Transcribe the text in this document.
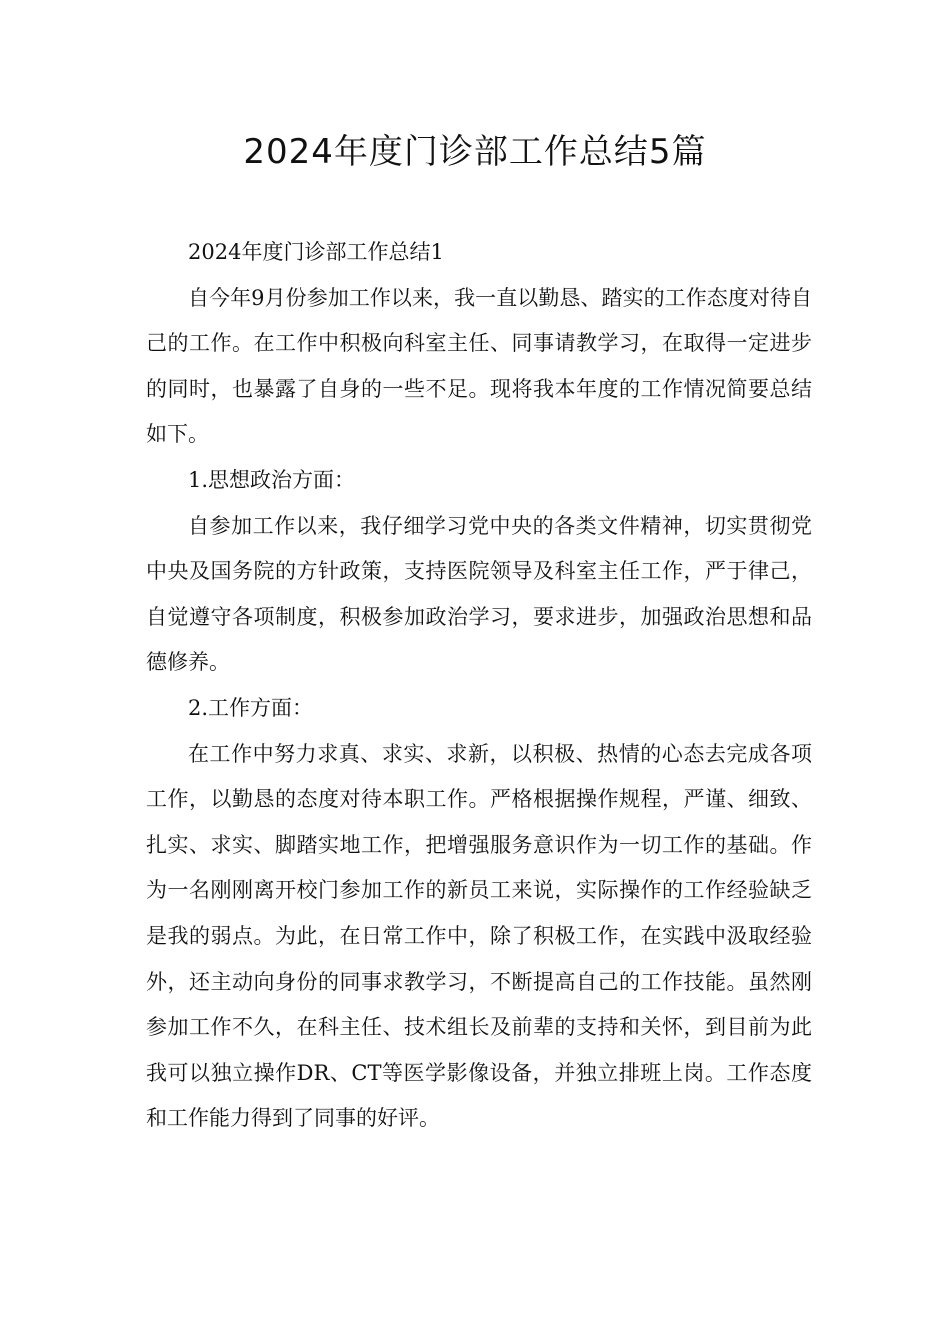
2024年度门诊部工作总结5篇

2024年度门诊部工作总结1

自今年9月份参加工作以来，我一直以勤恳、踏实的工作态度对待自己的工作。在工作中积极向科室主任、同事请教学习，在取得一定进步的同时，也暴露了自身的一些不足。现将我本年度的工作情况简要总结如下。

1.思想政治方面：

自参加工作以来，我仔细学习党中央的各类文件精神，切实贯彻党中央及国务院的方针政策，支持医院领导及科室主任工作，严于律己，自觉遵守各项制度，积极参加政治学习，要求进步，加强政治思想和品德修养。

2.工作方面：

在工作中努力求真、求实、求新，以积极、热情的心态去完成各项工作，以勤恳的态度对待本职工作。严格根据操作规程，严谨、细致、扎实、求实、脚踏实地工作，把增强服务意识作为一切工作的基础。作为一名刚刚离开校门参加工作的新员工来说，实际操作的工作经验缺乏是我的弱点。为此，在日常工作中，除了积极工作，在实践中汲取经验外，还主动向身份的同事求教学习，不断提高自己的工作技能。虽然刚参加工作不久，在科主任、技术组长及前辈的支持和关怀，到目前为此我可以独立操作DR、CT等医学影像设备，并独立排班上岗。工作态度和工作能力得到了同事的好评。
